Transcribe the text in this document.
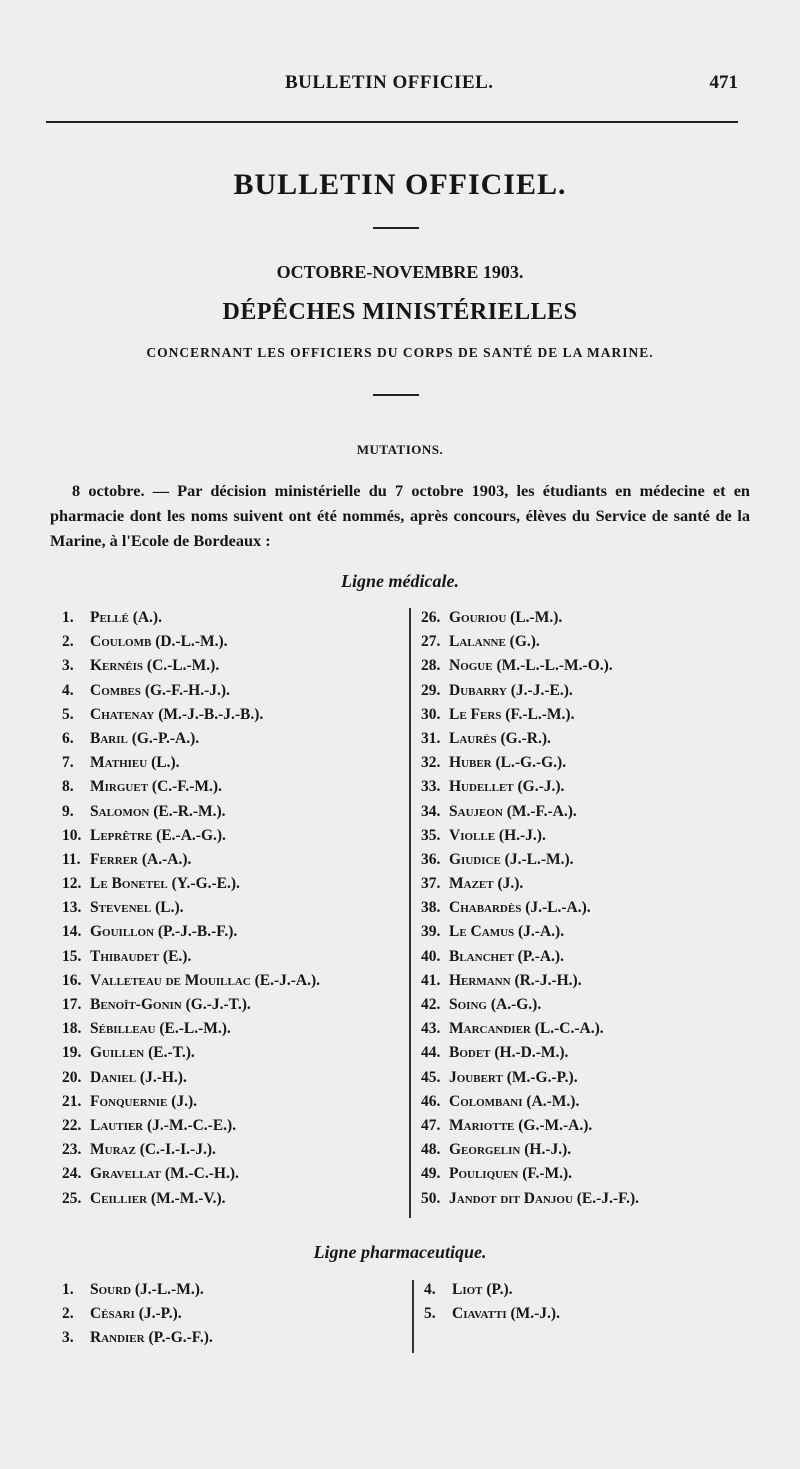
BULLETIN OFFICIEL.	471
BULLETIN OFFICIEL.
OCTOBRE-NOVEMBRE 1903.
DÉPÊCHES MINISTÉRIELLES
CONCERNANT LES OFFICIERS DU CORPS DE SANTÉ DE LA MARINE.
MUTATIONS.
8 octobre. — Par décision ministérielle du 7 octobre 1903, les étudiants en médecine et en pharmacie dont les noms suivent ont été nommés, après concours, élèves du Service de santé de la Marine, à l'Ecole de Bordeaux :
Ligne médicale.
1. Pellé (A.).
2. Coulomb (D.-L.-M.).
3. Kernéis (C.-L.-M.).
4. Combes (G.-F.-H.-J.).
5. Chatenay (M.-J.-B.-J.-B.).
6. Baril (G.-P.-A.).
7. Mathieu (L.).
8. Mirguet (C.-F.-M.).
9. Salomon (E.-R.-M.).
10. Leprêtre (E.-A.-G.).
11. Ferrer (A.-A.).
12. Le Bonetel (Y.-G.-E.).
13. Stevenel (L.).
14. Gouillon (P.-J.-B.-F.).
15. Thibaudet (E.).
16. Valleteau de Mouillac (E.-J.-A.).
17. Benoît-Gonin (G.-J.-T.).
18. Sébilleau (E.-L.-M.).
19. Guillen (E.-T.).
20. Daniel (J.-H.).
21. Fonquernie (J.).
22. Lautier (J.-M.-C.-E.).
23. Muraz (C.-I.-I.-J.).
24. Gravellat (M.-C.-H.).
25. Ceillier (M.-M.-V.).
26. Gouriou (L.-M.).
27. Lalanne (G.).
28. Nogue (M.-L.-L.-M.-O.).
29. Dubarry (J.-J.-E.).
30. Le Fers (F.-L.-M.).
31. Laurès (G.-R.).
32. Huber (L.-G.-G.).
33. Hudellet (G.-J.).
34. Saujeon (M.-F.-A.).
35. Violle (H.-J.).
36. Giudice (J.-L.-M.).
37. Mazet (J.).
38. Chabardès (J.-L.-A.).
39. Le Camus (J.-A.).
40. Blanchet (P.-A.).
41. Hermann (R.-J.-H.).
42. Soing (A.-G.).
43. Marcandier (L.-C.-A.).
44. Bodet (H.-D.-M.).
45. Joubert (M.-G.-P.).
46. Colombani (A.-M.).
47. Mariotte (G.-M.-A.).
48. Georgelin (H.-J.).
49. Pouliquen (F.-M.).
50. Jandot dit Danjou (E.-J.-F.).
Ligne pharmaceutique.
1. Sourd (J.-L.-M.).
2. Césari (J.-P.).
3. Randier (P.-G.-F.).
4. Liot (P.).
5. Ciavatti (M.-J.).
